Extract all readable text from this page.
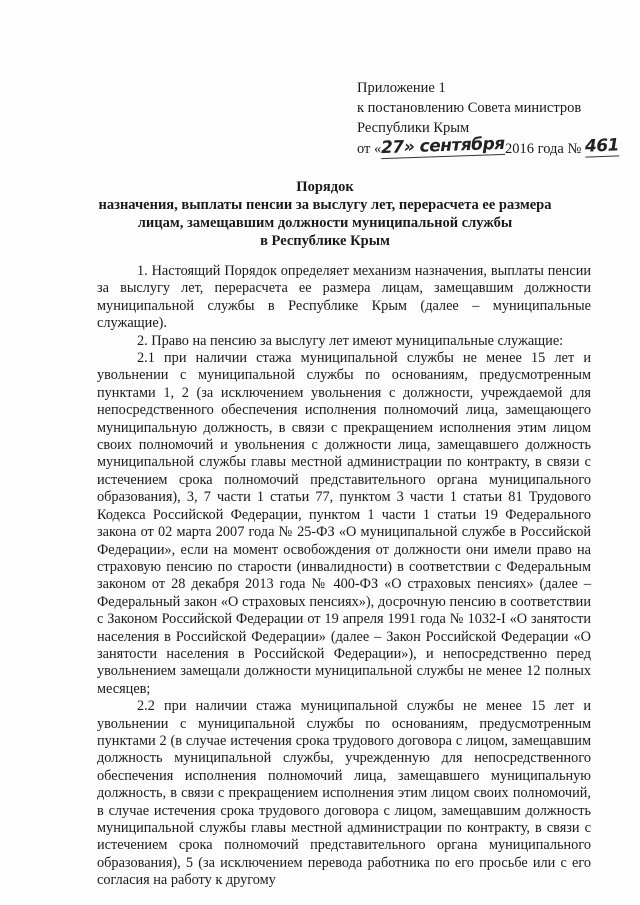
Приложение 1
к постановлению Совета министров
Республики Крым
от «27» сентября2016 года № 461
Порядок
назначения, выплаты пенсии за выслугу лет, перерасчета ее размера
лицам, замещавшим должности муниципальной службы
в Республике Крым

1. Настоящий Порядок определяет механизм назначения, выплаты пенсии за выслугу лет, перерасчета ее размера лицам, замещавшим должности муниципальной службы в Республике Крым (далее – муниципальные служащие).

2. Право на пенсию за выслугу лет имеют муниципальные служащие:

2.1 при наличии стажа муниципальной службы не менее 15 лет и увольнении с муниципальной службы по основаниям, предусмотренным пунктами 1, 2 (за исключением увольнения с должности, учреждаемой для непосредственного обеспечения исполнения полномочий лица, замещающего муниципальную должность, в связи с прекращением исполнения этим лицом своих полномочий и увольнения с должности лица, замещавшего должность муниципальной службы главы местной администрации по контракту, в связи с истечением срока полномочий представительного органа муниципального образования), 3, 7 части 1 статьи 77, пунктом 3 части 1 статьи 81 Трудового Кодекса Российской Федерации, пунктом 1 части 1 статьи 19 Федерального закона от 02 марта 2007 года № 25-ФЗ «О муниципальной службе в Российской Федерации», если на момент освобождения от должности они имели право на страховую пенсию по старости (инвалидности) в соответствии с Федеральным законом от 28 декабря 2013 года № 400-ФЗ «О страховых пенсиях» (далее – Федеральный закон «О страховых пенсиях»), досрочную пенсию в соответствии с Законом Российской Федерации от 19 апреля 1991 года № 1032-I «О занятости населения в Российской Федерации» (далее – Закон Российской Федерации «О занятости населения в Российской Федерации»), и непосредственно перед увольнением замещали должности муниципальной службы не менее 12 полных месяцев;

2.2 при наличии стажа муниципальной службы не менее 15 лет и увольнении с муниципальной службы по основаниям, предусмотренным пунктами 2 (в случае истечения срока трудового договора с лицом, замещавшим должность муниципальной службы, учрежденную для непосредственного обеспечения исполнения полномочий лица, замещавшего муниципальную должность, в связи с прекращением исполнения этим лицом своих полномочий, в случае истечения срока трудового договора с лицом, замещавшим должность муниципальной службы главы местной администрации по контракту, в связи с истечением срока полномочий представительного органа муниципального образования), 5 (за исключением перевода работника по его просьбе или с его согласия на работу к другому
